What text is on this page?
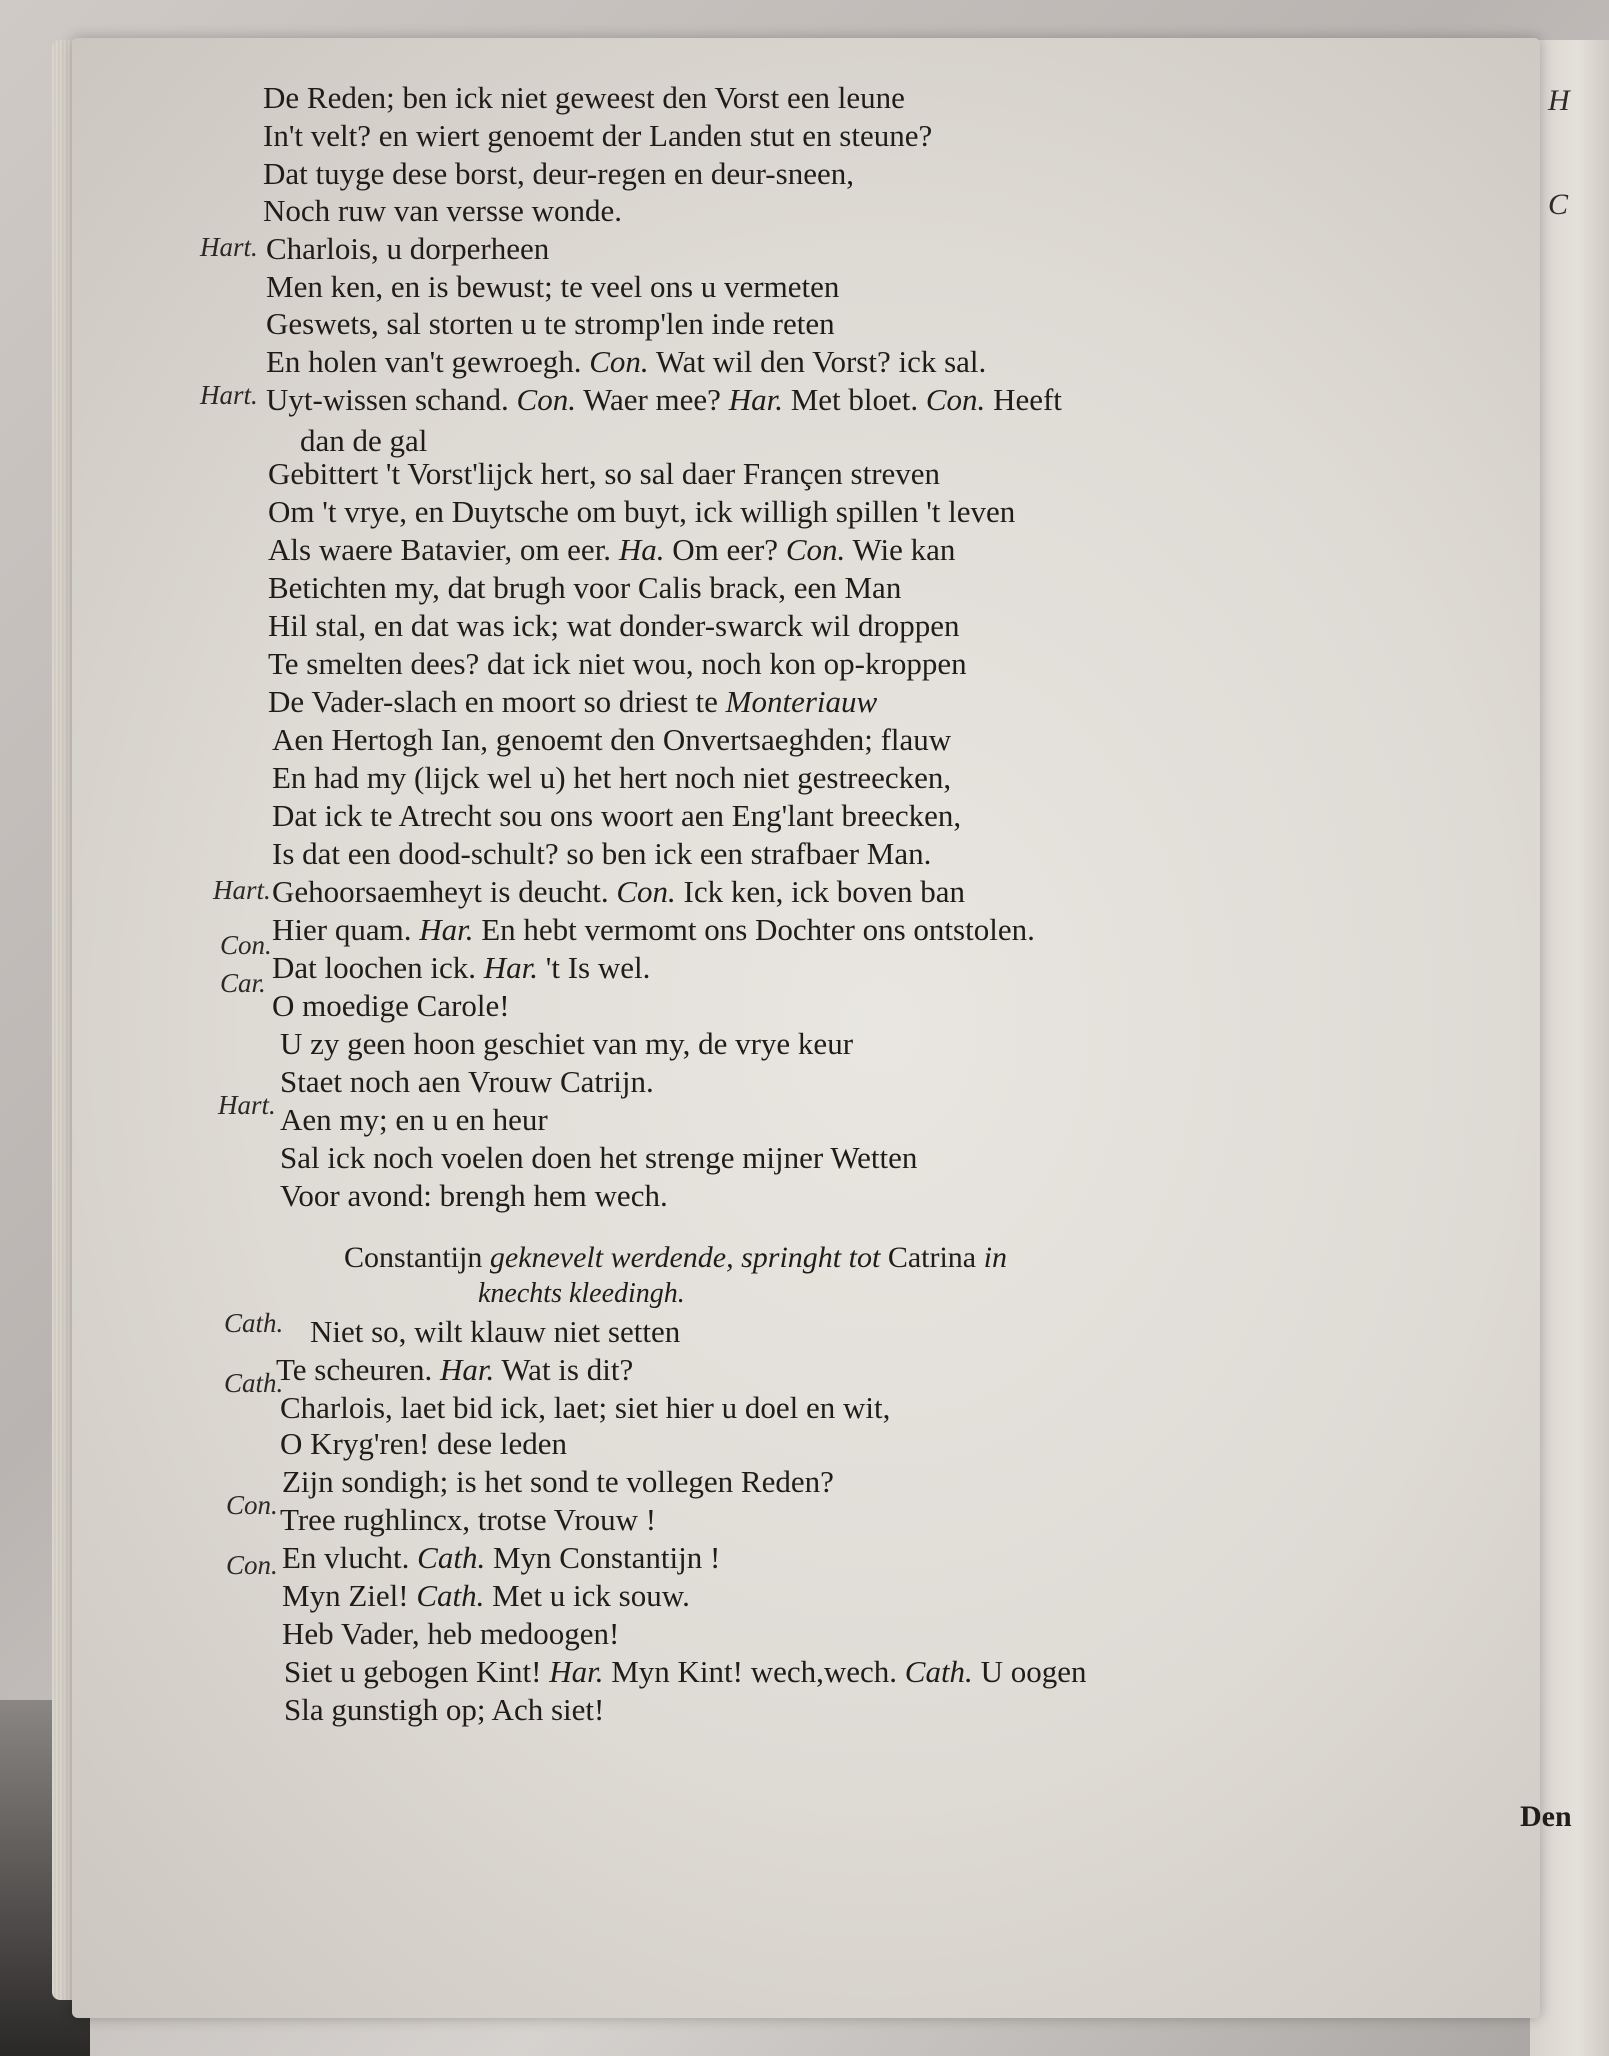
H
C
Hart.
Hart.
Hart.
Con.
Car.
Hart.
Cath.
Cath.
Con.
Con.
De Reden; ben ick niet geweest den Vorst een leune
In't velt? en wiert genoemt der Landen stut en steune?
Dat tuyge dese borst, deur-regen en deur-sneen,
Noch ruw van versse wonde.
Charlois, u dorperheen
Men ken, en is bewust; te veel ons u vermeten
Geswets, sal storten u te stromp'len inde reten
En holen van't gewroegh. Con. Wat wil den Vorst? ick sal.
Uyt-wissen schand. Con. Waer mee? Har. Met bloet. Con. Heeft
dan de gal
Gebittert 't Vorst'lijck hert, so sal daer Françen streven
Om 't vrye, en Duytsche om buyt, ick willigh spillen 't leven
Als waere Batavier, om eer. Ha. Om eer? Con. Wie kan
Betichten my, dat brugh voor Calis brack, een Man
Hil stal, en dat was ick; wat donder-swarck wil droppen
Te smelten dees? dat ick niet wou, noch kon op-kroppen
De Vader-slach en moort so driest te Monteriauw
Aen Hertogh Ian, genoemt den Onvertsaeghden; flauw
En had my (lijck wel u) het hert noch niet gestreecken,
Dat ick te Atrecht sou ons woort aen Eng'lant breecken,
Is dat een dood-schult? so ben ick een strafbaer Man.
Gehoorsaemheyt is deucht. Con. Ick ken, ick boven ban
Hier quam. Har. En hebt vermomt ons Dochter ons ontstolen.
Dat loochen ick. Har. 't Is wel.
O moedige Carole!
U zy geen hoon geschiet van my, de vrye keur
Staet noch aen Vrouw Catrijn.
Aen my; en u en heur
Sal ick noch voelen doen het strenge mijner Wetten
Voor avond: brengh hem wech.
Constantijn geknevelt werdende, springht tot Catrina in
knechts kleedingh.
Niet so, wilt klauw niet setten
Te scheuren. Har. Wat is dit?
Charlois, laet bid ick, laet; siet hier u doel en wit,
O Kryg'ren! dese leden
Zijn sondigh; is het sond te vollegen Reden?
Tree rughlincx, trotse Vrouw !
En vlucht. Cath. Myn Constantijn !
Myn Ziel! Cath. Met u ick souw.
Heb Vader, heb medoogen!
Siet u gebogen Kint! Har. Myn Kint! wech,wech. Cath. U oogen
Sla gunstigh op; Ach siet!
Den
